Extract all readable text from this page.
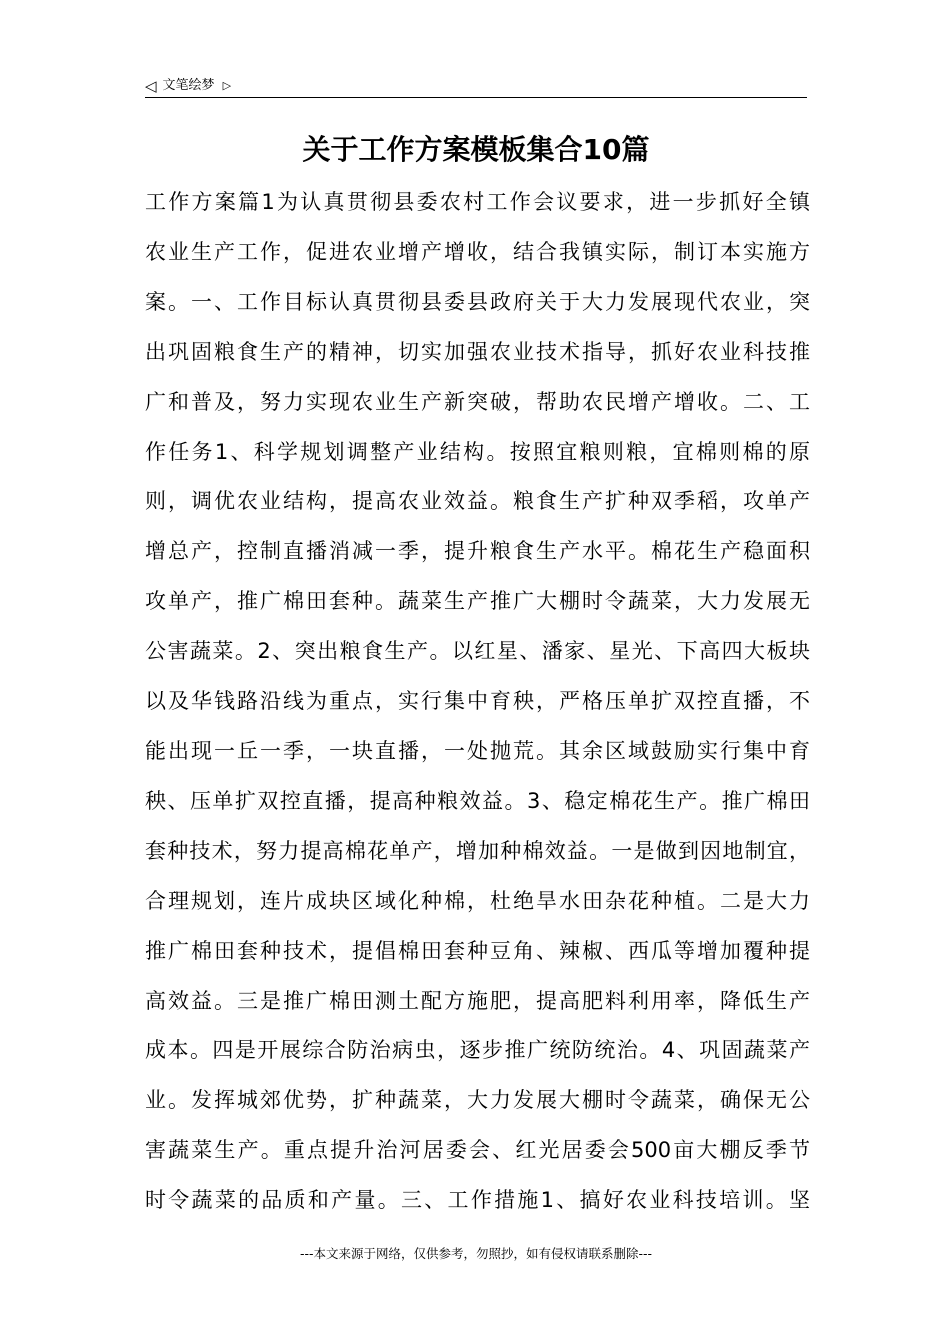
◁ 文笔绘梦 ▷
关于工作方案模板集合10篇
工作方案篇1为认真贯彻县委农村工作会议要求，进一步抓好全镇
农业生产工作，促进农业增产增收，结合我镇实际，制订本实施方
案。一、工作目标认真贯彻县委县政府关于大力发展现代农业，突
出巩固粮食生产的精神，切实加强农业技术指导，抓好农业科技推
广和普及，努力实现农业生产新突破，帮助农民增产增收。二、工
作任务1、科学规划调整产业结构。按照宜粮则粮，宜棉则棉的原
则，调优农业结构，提高农业效益。粮食生产扩种双季稻，攻单产
增总产，控制直播消减一季，提升粮食生产水平。棉花生产稳面积
攻单产，推广棉田套种。蔬菜生产推广大棚时令蔬菜，大力发展无
公害蔬菜。2、突出粮食生产。以红星、潘家、星光、下高四大板块
以及华钱路沿线为重点，实行集中育秧，严格压单扩双控直播，不
能出现一丘一季，一块直播，一处抛荒。其余区域鼓励实行集中育
秧、压单扩双控直播，提高种粮效益。3、稳定棉花生产。推广棉田
套种技术，努力提高棉花单产，增加种棉效益。一是做到因地制宜，
合理规划，连片成块区域化种棉，杜绝旱水田杂花种植。二是大力
推广棉田套种技术，提倡棉田套种豆角、辣椒、西瓜等增加覆种提
高效益。三是推广棉田测土配方施肥，提高肥料利用率，降低生产
成本。四是开展综合防治病虫，逐步推广统防统治。4、巩固蔬菜产
业。发挥城郊优势，扩种蔬菜，大力发展大棚时令蔬菜，确保无公
害蔬菜生产。重点提升治河居委会、红光居委会500亩大棚反季节
时令蔬菜的品质和产量。三、工作措施1、搞好农业科技培训。坚
---本文来源于网络，仅供参考，勿照抄，如有侵权请联系删除---
